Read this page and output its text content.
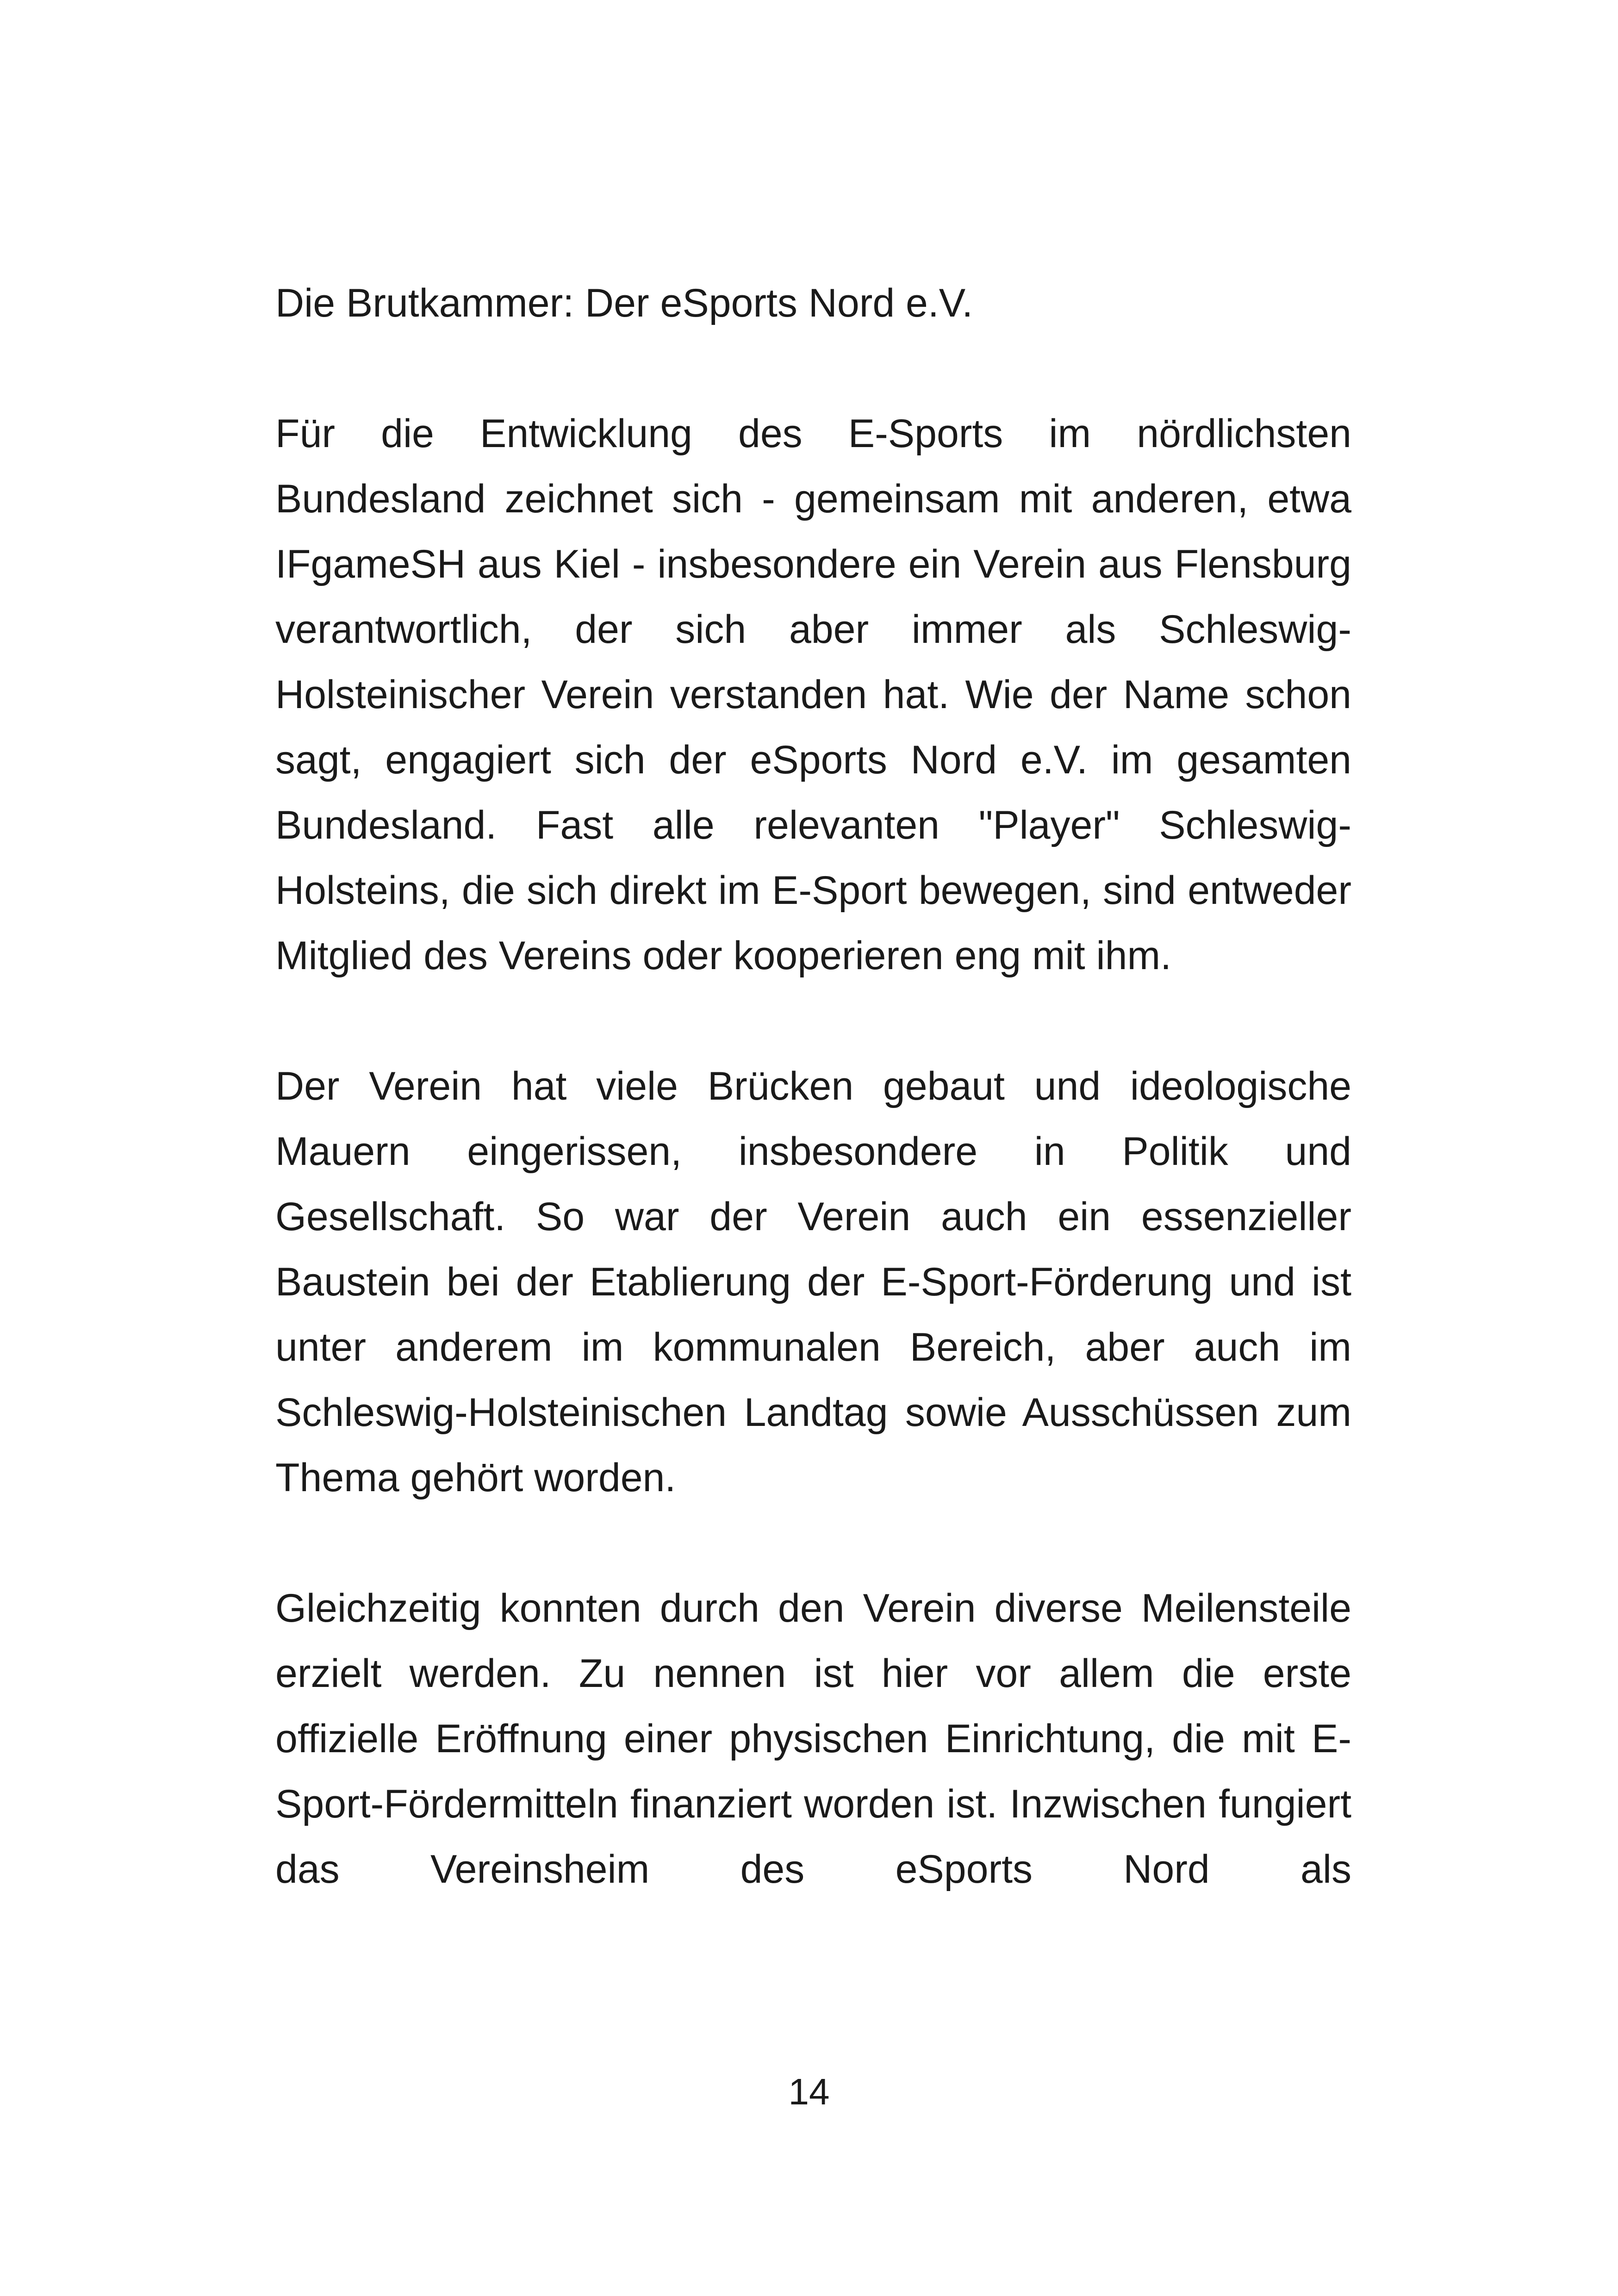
Die Brutkammer: Der eSports Nord e.V.

Für die Entwicklung des E-Sports im nördlichsten Bundesland zeichnet sich - gemeinsam mit anderen, etwa IFgameSH aus Kiel - insbesondere ein Verein aus Flensburg verantwortlich, der sich aber immer als Schleswig-Holsteinischer Verein verstanden hat. Wie der Name schon sagt, engagiert sich der eSports Nord e.V. im gesamten Bundesland. Fast alle relevanten "Player" Schleswig-Holsteins, die sich direkt im E-Sport bewegen, sind entweder Mitglied des Vereins oder kooperieren eng mit ihm.

Der Verein hat viele Brücken gebaut und ideologische Mauern eingerissen, insbesondere in Politik und Gesellschaft. So war der Verein auch ein essenzieller Baustein bei der Etablierung der E-Sport-Förderung und ist unter anderem im kommunalen Bereich, aber auch im Schleswig-Holsteinischen Landtag sowie Ausschüssen zum Thema gehört worden.

Gleichzeitig konnten durch den Verein diverse Meilensteile erzielt werden. Zu nennen ist hier vor allem die erste offizielle Eröffnung einer physischen Einrichtung, die mit E-Sport-Fördermitteln finanziert worden ist. Inzwischen fungiert das Vereinsheim des eSports Nord als

14
